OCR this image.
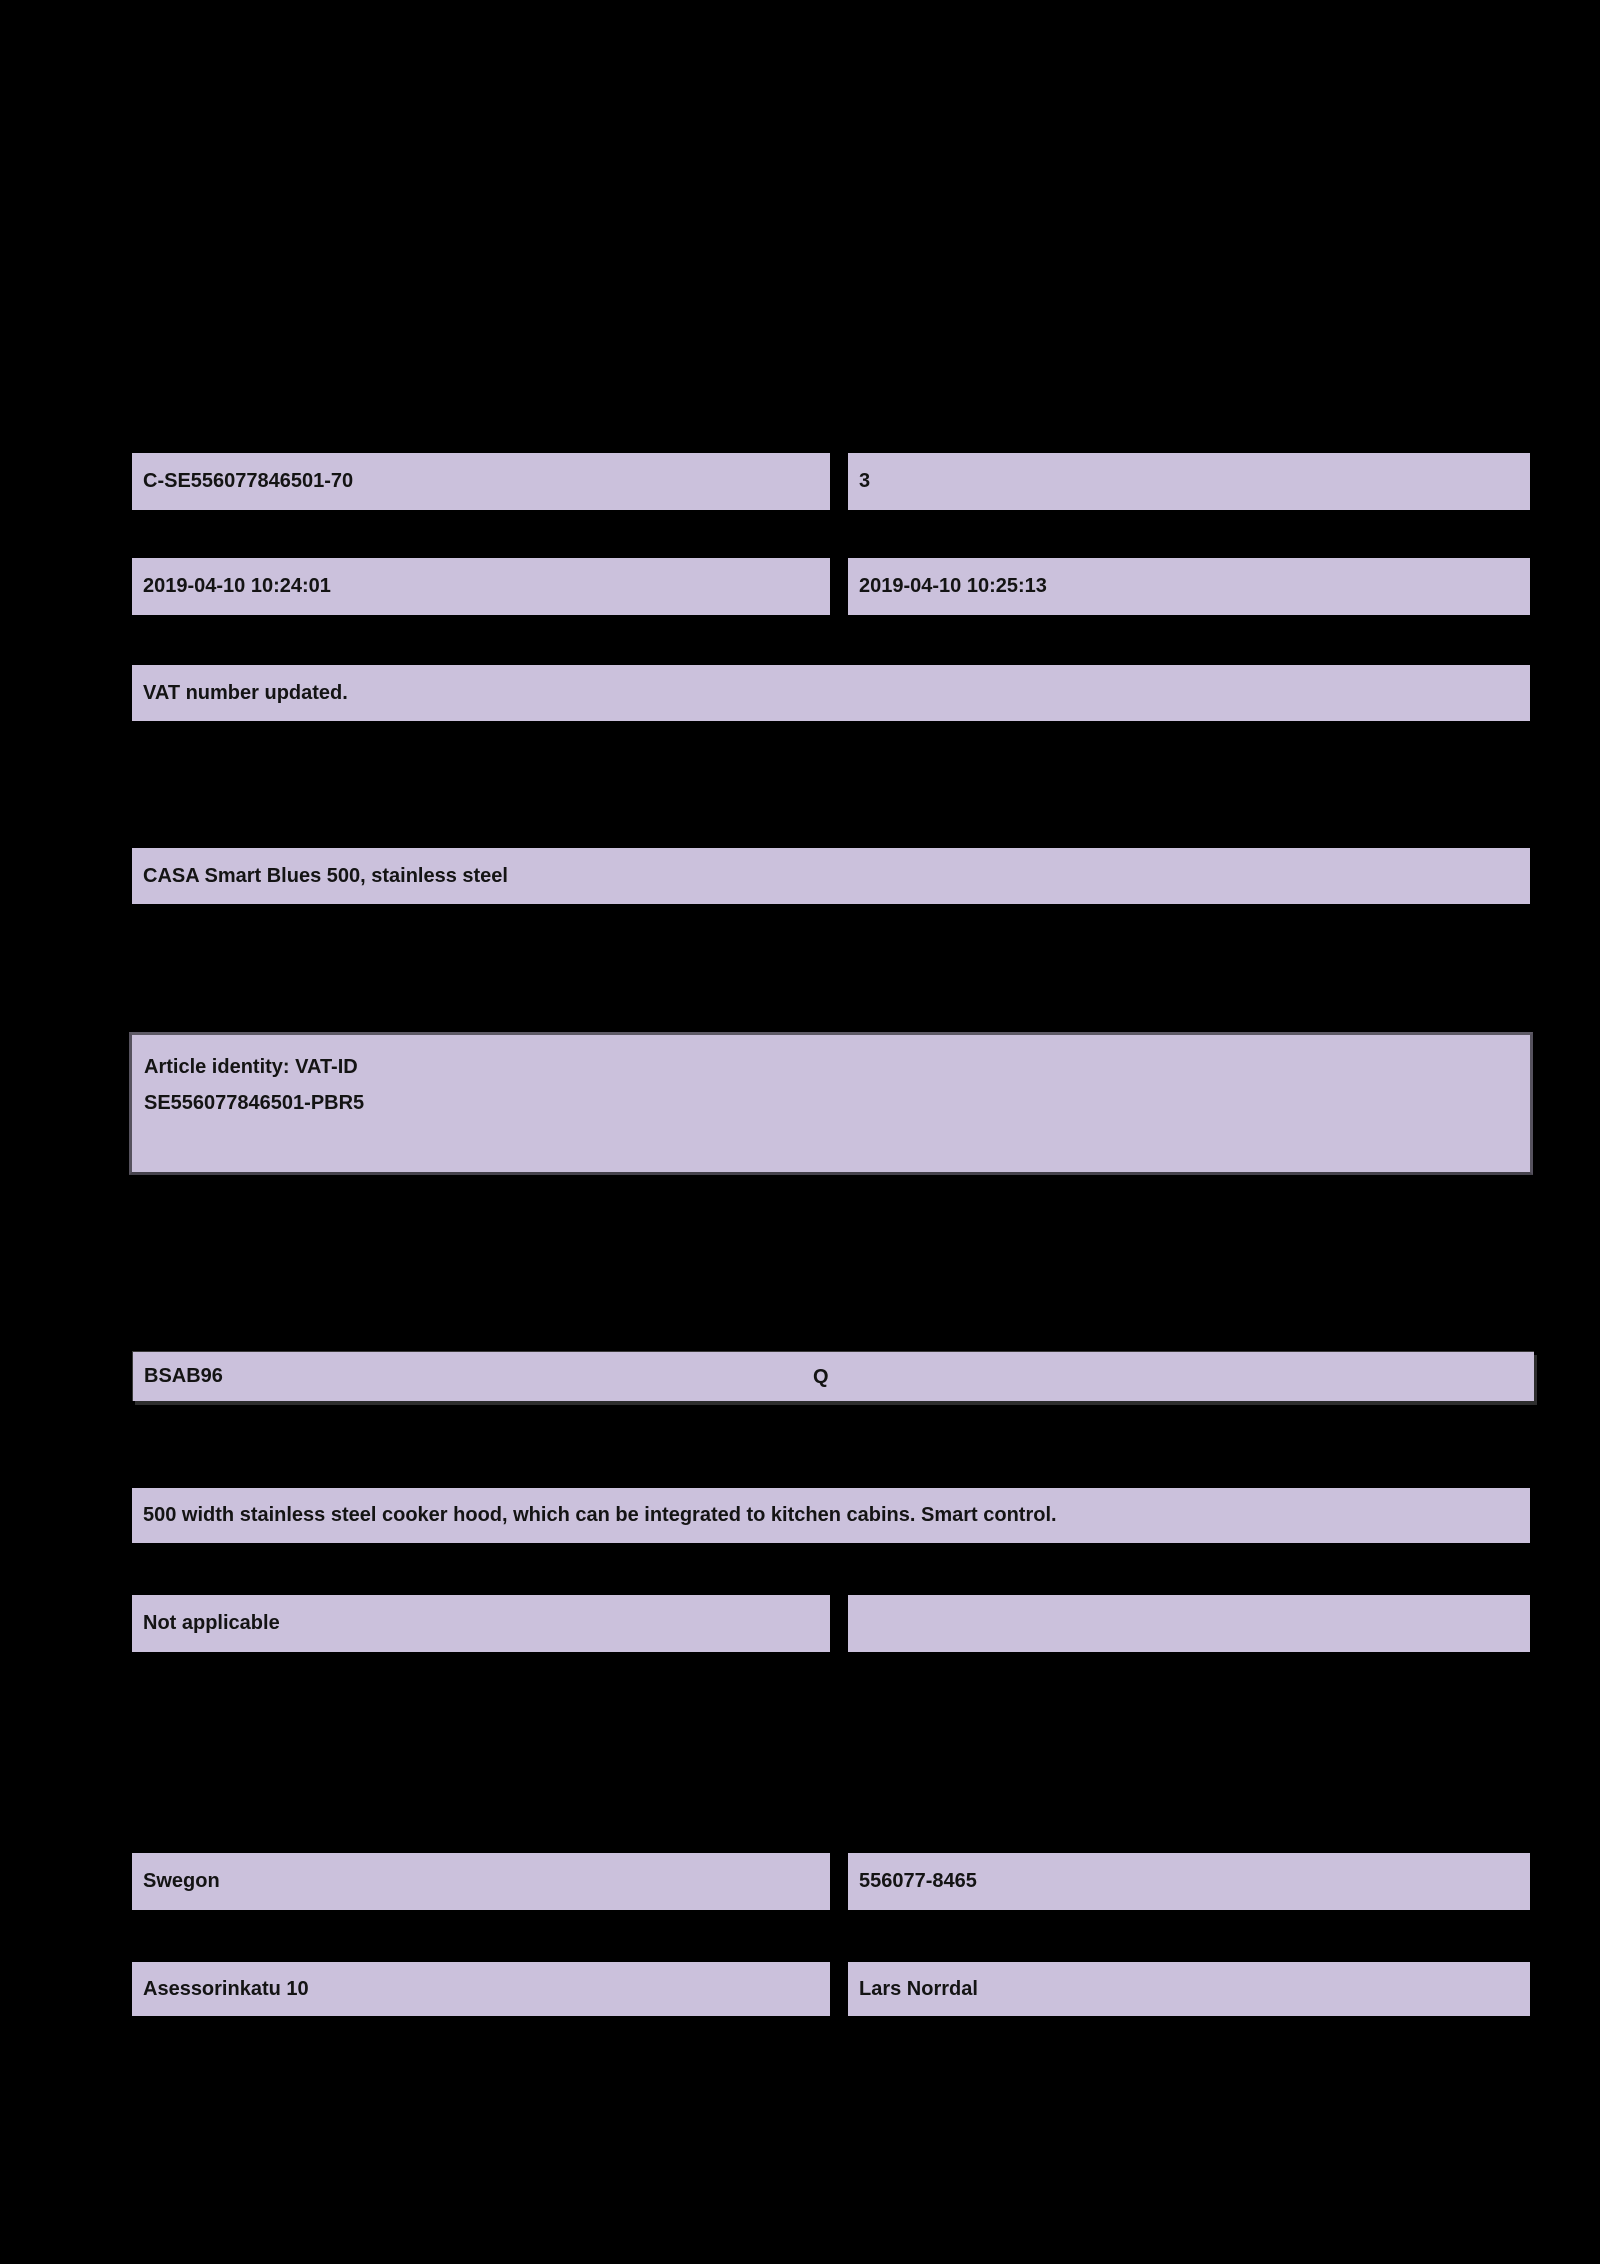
C-SE556077846501-70	3
2019-04-10 10:24:01	2019-04-10 10:25:13
VAT number updated.
CASA Smart Blues 500, stainless steel
Article identity: VAT-ID
SE556077846501-PBR5
BSAB96	Q
500 width stainless steel cooker hood, which can be integrated to kitchen cabins. Smart control.
Not applicable
Swegon	556077-8465
Asessorinkatu 10	Lars Norrdal
